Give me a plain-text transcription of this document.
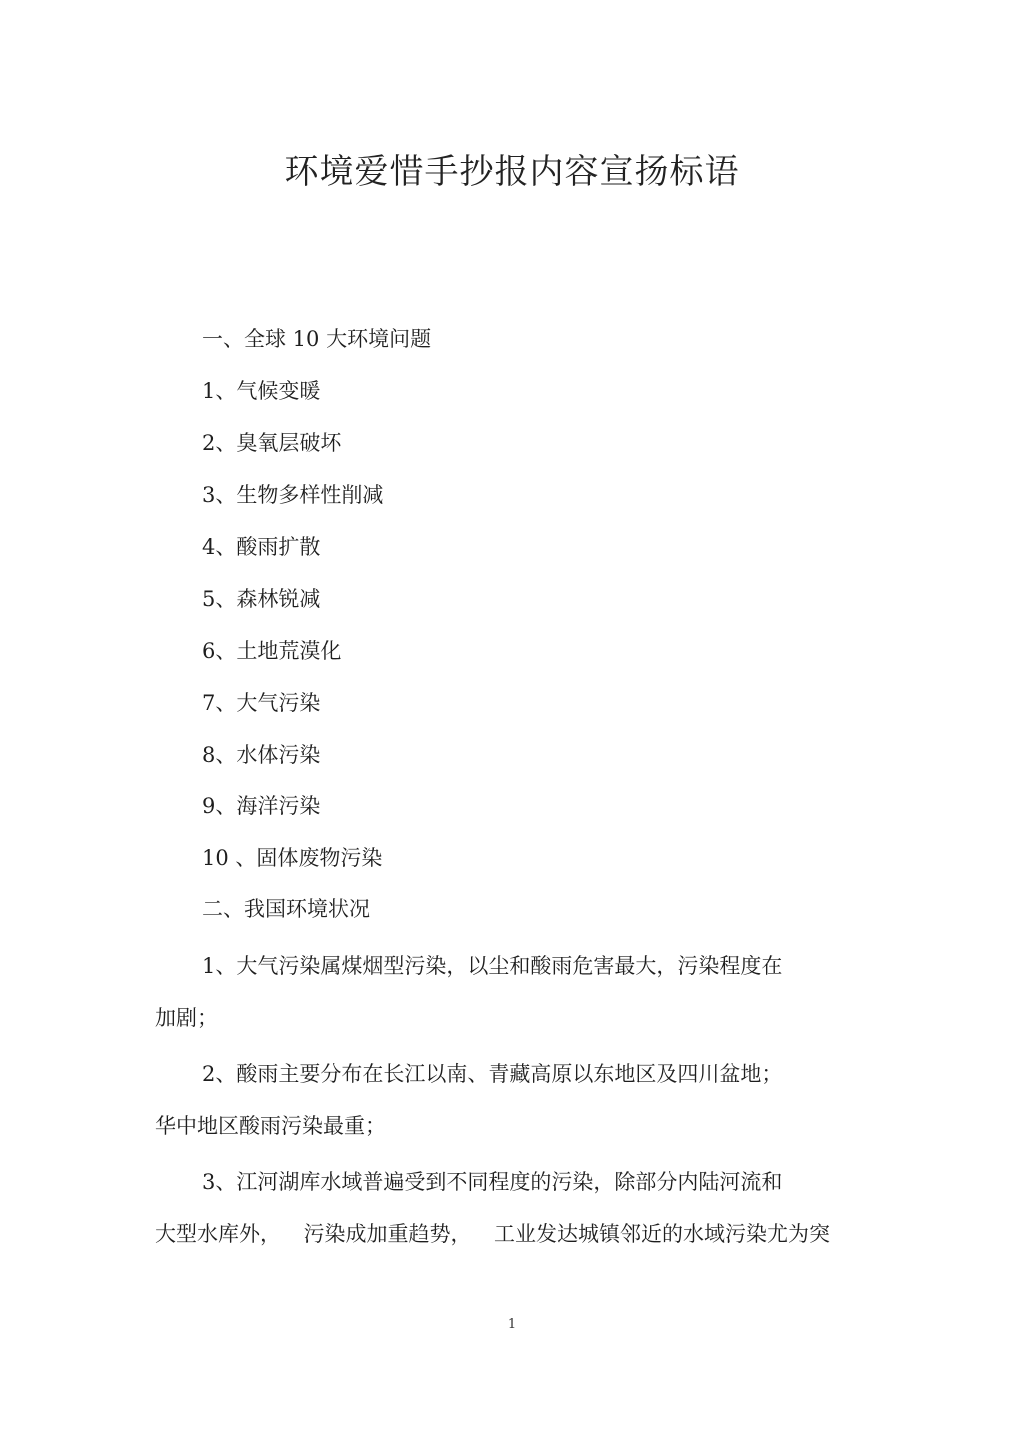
环境爱惜手抄报内容宣扬标语
一、全球 10 大环境问题
1、气候变暖
2、臭氧层破坏
3、生物多样性削减
4、酸雨扩散
5、森林锐减
6、土地荒漠化
7、大气污染
8、水体污染
9、海洋污染
10 、固体废物污染
二、我国环境状况
1、大气污染属煤烟型污染，以尘和酸雨危害最大，污染程度在
加剧；
2、酸雨主要分布在长江以南、青藏高原以东地区及四川盆地；
华中地区酸雨污染最重；
3、江河湖库水域普遍受到不同程度的污染，除部分内陆河流和
大型水库外， 污染成加重趋势， 工业发达城镇邻近的水域污染尤为突
1
